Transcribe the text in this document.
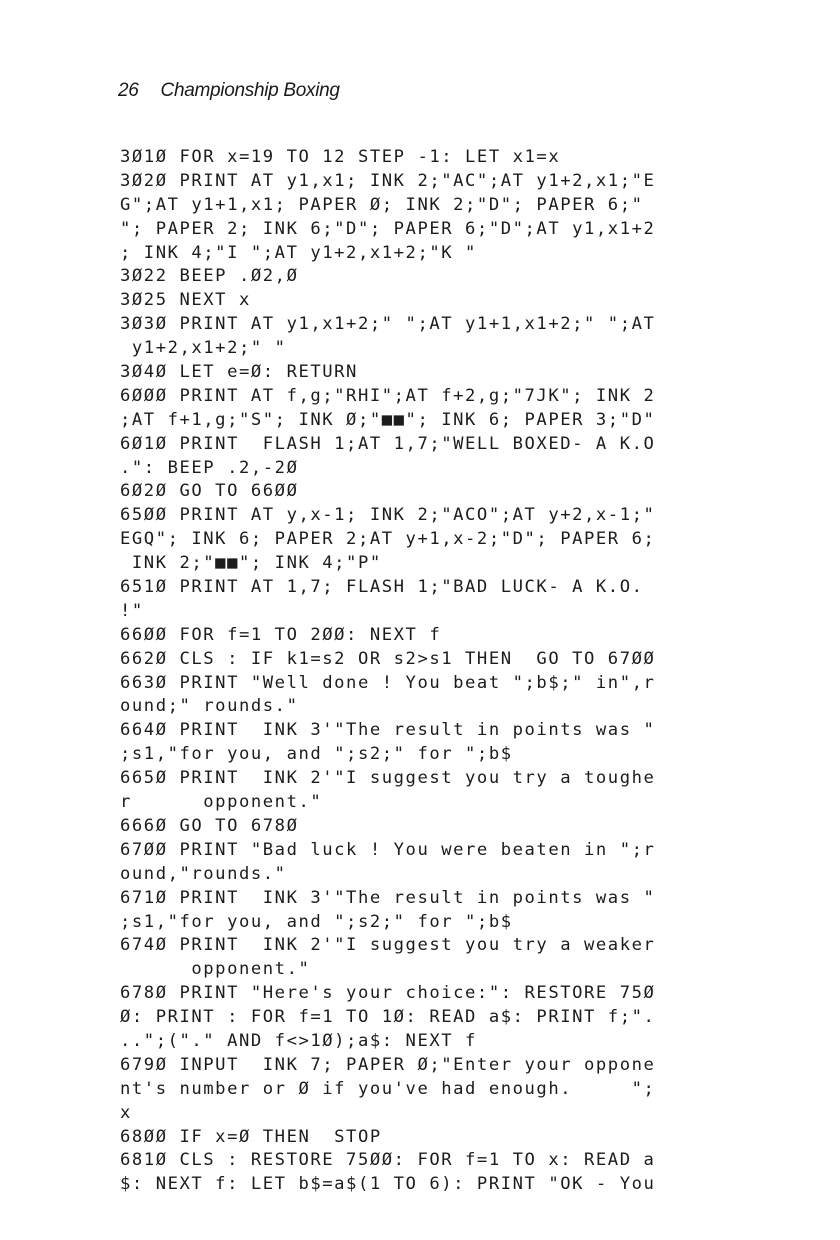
26 Championship Boxing
3Ø1Ø FOR x=19 TO 12 STEP -1: LET x1=x
3Ø2Ø PRINT AT y1,x1; INK 2;"AC";AT y1+2,x1;"E
G";AT y1+1,x1; PAPER Ø; INK 2;"D"; PAPER 6;"
"; PAPER 2; INK 6;"D"; PAPER 6;"D";AT y1,x1+2
; INK 4;"I ";AT y1+2,x1+2;"K "
3Ø22 BEEP .Ø2,Ø
3Ø25 NEXT x
3Ø3Ø PRINT AT y1,x1+2;" ";AT y1+1,x1+2;" ";AT
y1+2,x1+2;" "
3Ø4Ø LET e=Ø: RETURN
6ØØØ PRINT AT f,g;"RHI";AT f+2,g;"7JK"; INK 2
;AT f+1,g;"S"; INK Ø;"■■"; INK 6; PAPER 3;"D"
6Ø1Ø PRINT  FLASH 1;AT 1,7;"WELL BOXED- A K.O
.": BEEP .2,-2Ø
6Ø2Ø GO TO 66ØØ
65ØØ PRINT AT y,x-1; INK 2;"ACO";AT y+2,x-1;"
EGQ"; INK 6; PAPER 2;AT y+1,x-2;"D"; PAPER 6;
INK 2;"■■"; INK 4;"P"
651Ø PRINT AT 1,7; FLASH 1;"BAD LUCK- A K.O.
!"
66ØØ FOR f=1 TO 2ØØ: NEXT f
662Ø CLS : IF k1=s2 OR s2>s1 THEN  GO TO 67ØØ
663Ø PRINT "Well done ! You beat ";b$;" in",r
ound;" rounds."
664Ø PRINT  INK 3'"The result in points was "
;s1,"for you, and ";s2;" for ";b$
665Ø PRINT  INK 2'"I suggest you try a toughe
r      opponent."
666Ø GO TO 678Ø
67ØØ PRINT "Bad luck ! You were beaten in ";r
ound,"rounds."
671Ø PRINT  INK 3'"The result in points was "
;s1,"for you, and ";s2;" for ";b$
674Ø PRINT  INK 2'"I suggest you try a weaker
opponent."
678Ø PRINT "Here's your choice:": RESTORE 75Ø
Ø: PRINT : FOR f=1 TO 1Ø: READ a$: PRINT f;".
..";("." AND f<>1Ø);a$: NEXT f
679Ø INPUT  INK 7; PAPER Ø;"Enter your oppone
nt's number or Ø if you've had enough.     ";
x
68ØØ IF x=Ø THEN  STOP
681Ø CLS : RESTORE 75ØØ: FOR f=1 TO x: READ a
$: NEXT f: LET b$=a$(1 TO 6): PRINT "OK - You
